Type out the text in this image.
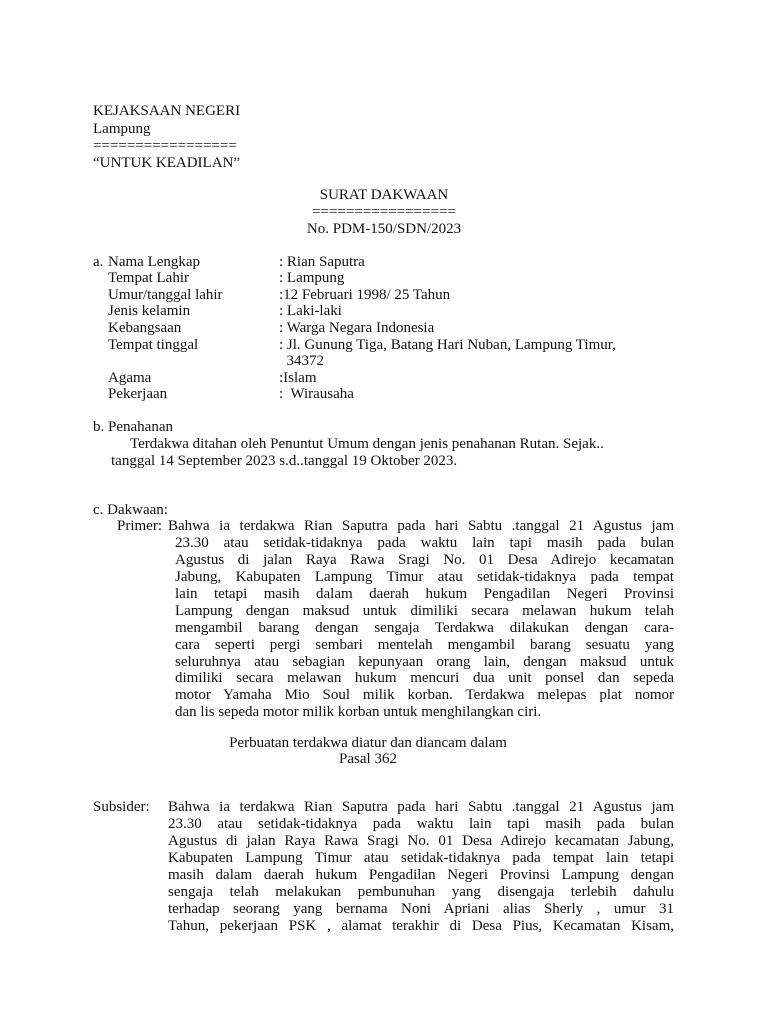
KEJAKSAAN NEGERI
Lampung
=================
“UNTUK KEADILAN”
SURAT DAKWAAN
=================
No. PDM-150/SDN/2023
a. Nama Lengkap	: Rian Saputra
Tempat Lahir	: Lampung
Umur/tanggal lahir	:12 Februari 1998/ 25 Tahun
Jenis kelamin	: Laki-laki
Kebangsaan	: Warga Negara Indonesia
Tempat tinggal	: Jl. Gunung Tiga, Batang Hari Nuban, Lampung Timur,
34372
Agama	:Islam
Pekerjaan	:  Wirausaha
b. Penahanan
Terdakwa ditahan oleh Penuntut Umum dengan jenis penahanan Rutan. Sejak..
tanggal 14 September 2023 s.d..tanggal 19 Oktober 2023.
c. Dakwaan:
Primer: Bahwa ia terdakwa Rian Saputra pada hari Sabtu .tanggal 21 Agustus jam
23.30 atau setidak-tidaknya pada waktu lain tapi masih pada bulan
Agustus di jalan Raya Rawa Sragi No. 01 Desa Adirejo kecamatan
Jabung, Kabupaten Lampung Timur atau setidak-tidaknya pada tempat
lain tetapi masih dalam daerah hukum Pengadilan Negeri Provinsi
Lampung dengan maksud untuk dimiliki secara melawan hukum telah
mengambil barang dengan sengaja Terdakwa dilakukan dengan cara-
cara seperti pergi sembari mentelah mengambil barang sesuatu yang
seluruhnya atau sebagian kepunyaan orang lain, dengan maksud untuk
dimiliki secara melawan hukum mencuri dua unit ponsel dan sepeda
motor Yamaha Mio Soul milik korban. Terdakwa melepas plat nomor
dan lis sepeda motor milik korban untuk menghilangkan ciri.
Perbuatan terdakwa diatur dan diancam dalam
Pasal 362
Subsider: Bahwa ia terdakwa Rian Saputra pada hari Sabtu .tanggal 21 Agustus jam
23.30 atau setidak-tidaknya pada waktu lain tapi masih pada bulan
Agustus di jalan Raya Rawa Sragi No. 01 Desa Adirejo kecamatan Jabung,
Kabupaten Lampung Timur atau setidak-tidaknya pada tempat lain tetapi
masih dalam daerah hukum Pengadilan Negeri Provinsi Lampung dengan
sengaja telah melakukan pembunuhan yang disengaja terlebih dahulu
terhadap seorang yang bernama Noni Apriani alias Sherly , umur 31
Tahun, pekerjaan PSK , alamat terakhir di Desa Pius, Kecamatan Kisam,
